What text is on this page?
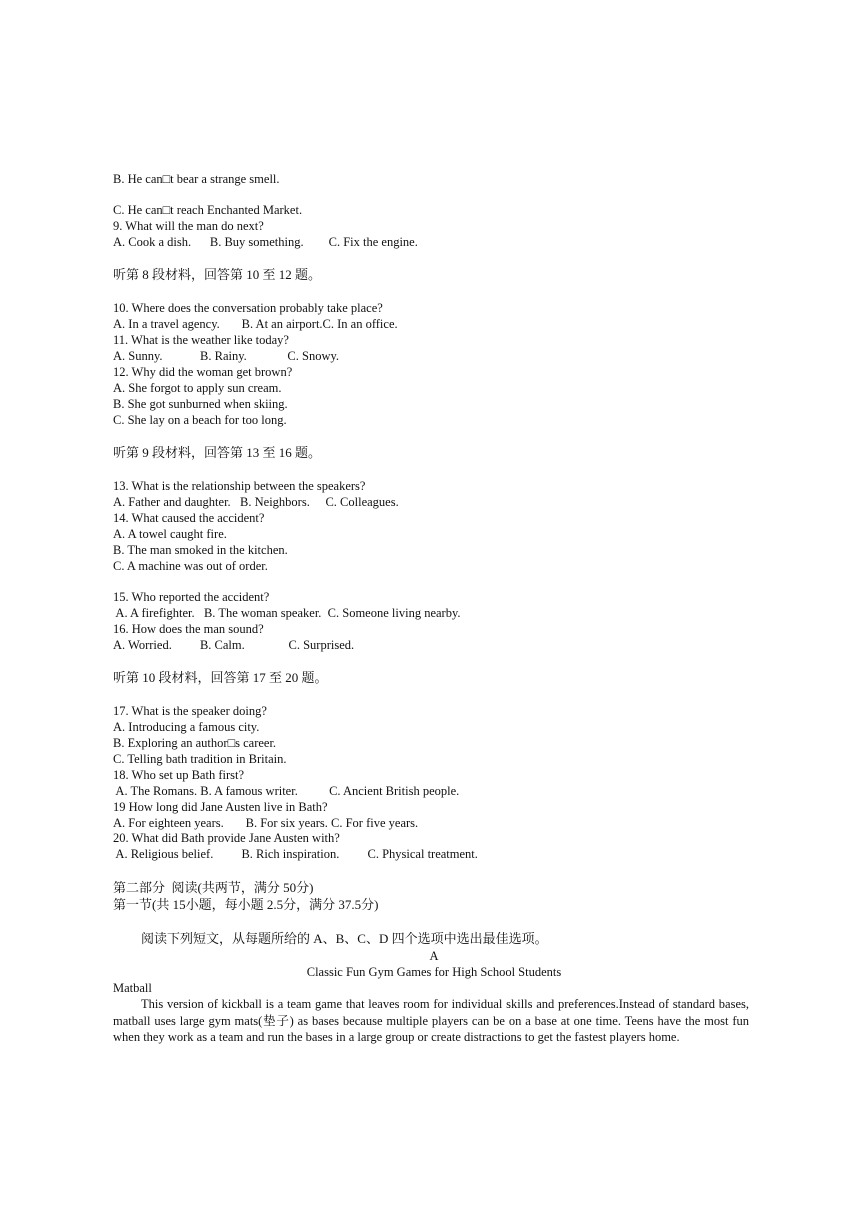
B. He can□t bear a strange smell.

C. He can□t reach Enchanted Market.

9. What will the man do next?

A. Cook a dish.      B. Buy something.        C. Fix the engine.

听第 8 段材料，回答第 10 至 12 题。

10. Where does the conversation probably take place?

A. In a travel agency.       B. At an airport.C. In an office.

11. What is the weather like today?

A. Sunny.            B. Rainy.             C. Snowy.

12. Why did the woman get brown?

A. She forgot to apply sun cream.

B. She got sunburned when skiing.

C. She lay on a beach for too long.

听第 9 段材料，回答第 13 至 16 题。

13. What is the relationship between the speakers?

A. Father and daughter.   B. Neighbors.     C. Colleagues.

14. What caused the accident?

A. A towel caught fire.

B. The man smoked in the kitchen.

C. A machine was out of order.

15. Who reported the accident?

A. A firefighter.   B. The woman speaker.  C. Someone living nearby.

16. How does the man sound?

A. Worried.         B. Calm.              C. Surprised.

听第 10 段材料，回答第 17 至 20 题。

17. What is the speaker doing?

A. Introducing a famous city.

B. Exploring an author□s career.

C. Telling bath tradition in Britain.

18. Who set up Bath first?

A. The Romans. B. A famous writer.          C. Ancient British people.

19 How long did Jane Austen live in Bath?

A. For eighteen years.       B. For six years. C. For five years.

20. What did Bath provide Jane Austen with?

A. Religious belief.         B. Rich inspiration.         C. Physical treatment.

第二部分  阅读(共两节，满分 50分)

第一节(共 15小题，每小题 2.5分，满分 37.5分)

阅读下列短文，从每题所给的 A、B、C、D 四个选项中选出最佳选项。

A

Classic Fun Gym Games for High School Students

Matball

This version of kickball is a team game that leaves room for individual skills and preferences.Instead of standard bases, matball uses large gym mats(垫子) as bases because multiple players can be on a base at one time. Teens have the most fun when they work as a team and run the bases in a large group or create distractions to get the fastest players home.
